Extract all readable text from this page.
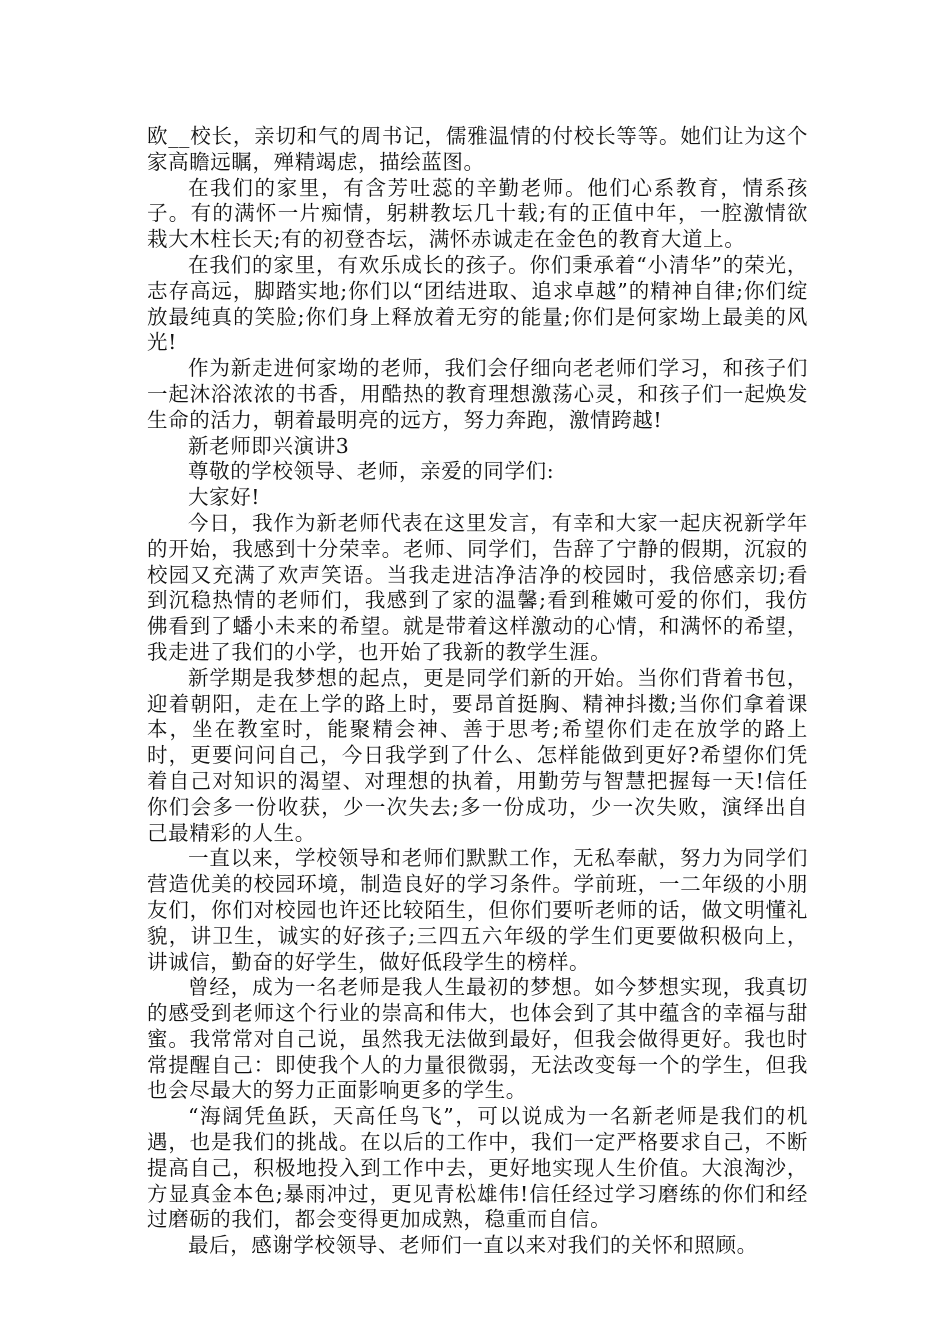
欧__校长，亲切和气的周书记，儒雅温情的付校长等等。她们让为这个家高瞻远瞩，殚精竭虑，描绘蓝图。

在我们的家里，有含芳吐蕊的辛勤老师。他们心系教育，情系孩子。有的满怀一片痴情，躬耕教坛几十载;有的正值中年，一腔激情欲栽大木柱长天;有的初登杏坛，满怀赤诚走在金色的教育大道上。

在我们的家里，有欢乐成长的孩子。你们秉承着“小清华”的荣光，志存高远，脚踏实地;你们以“团结进取、追求卓越”的精神自律;你们绽放最纯真的笑脸;你们身上释放着无穷的能量;你们是何家坳上最美的风光!

作为新走进何家坳的老师，我们会仔细向老老师们学习，和孩子们一起沐浴浓浓的书香，用酷热的教育理想激荡心灵，和孩子们一起焕发生命的活力，朝着最明亮的远方，努力奔跑，激情跨越!

新老师即兴演讲3

尊敬的学校领导、老师，亲爱的同学们:

大家好!

今日，我作为新老师代表在这里发言，有幸和大家一起庆祝新学年的开始，我感到十分荣幸。老师、同学们，告辞了宁静的假期，沉寂的校园又充满了欢声笑语。当我走进洁净洁净的校园时，我倍感亲切;看到沉稳热情的老师们，我感到了家的温馨;看到稚嫩可爱的你们，我仿佛看到了蟠小未来的希望。就是带着这样激动的心情，和满怀的希望，我走进了我们的小学，也开始了我新的教学生涯。

新学期是我梦想的起点，更是同学们新的开始。当你们背着书包，迎着朝阳，走在上学的路上时，要昂首挺胸、精神抖擞;当你们拿着课本，坐在教室时，能聚精会神、善于思考;希望你们走在放学的路上时，更要问问自己，今日我学到了什么、怎样能做到更好?希望你们凭着自己对知识的渴望、对理想的执着，用勤劳与智慧把握每一天!信任你们会多一份收获，少一次失去;多一份成功，少一次失败，演绎出自己最精彩的人生。

一直以来，学校领导和老师们默默工作，无私奉献，努力为同学们营造优美的校园环境，制造良好的学习条件。学前班，一二年级的小朋友们，你们对校园也许还比较陌生，但你们要听老师的话，做文明懂礼貌，讲卫生，诚实的好孩子;三四五六年级的学生们更要做积极向上，讲诚信，勤奋的好学生，做好低段学生的榜样。

曾经，成为一名老师是我人生最初的梦想。如今梦想实现，我真切的感受到老师这个行业的崇高和伟大，也体会到了其中蕴含的幸福与甜蜜。我常常对自己说，虽然我无法做到最好，但我会做得更好。我也时常提醒自己：即使我个人的力量很微弱，无法改变每一个的学生，但我也会尽最大的努力正面影响更多的学生。

“海阔凭鱼跃，天高任鸟飞”，可以说成为一名新老师是我们的机遇，也是我们的挑战。在以后的工作中，我们一定严格要求自己，不断提高自己，积极地投入到工作中去，更好地实现人生价值。大浪淘沙，方显真金本色;暴雨冲过，更见青松雄伟!信任经过学习磨练的你们和经过磨砺的我们，都会变得更加成熟，稳重而自信。

最后，感谢学校领导、老师们一直以来对我们的关怀和照顾。
